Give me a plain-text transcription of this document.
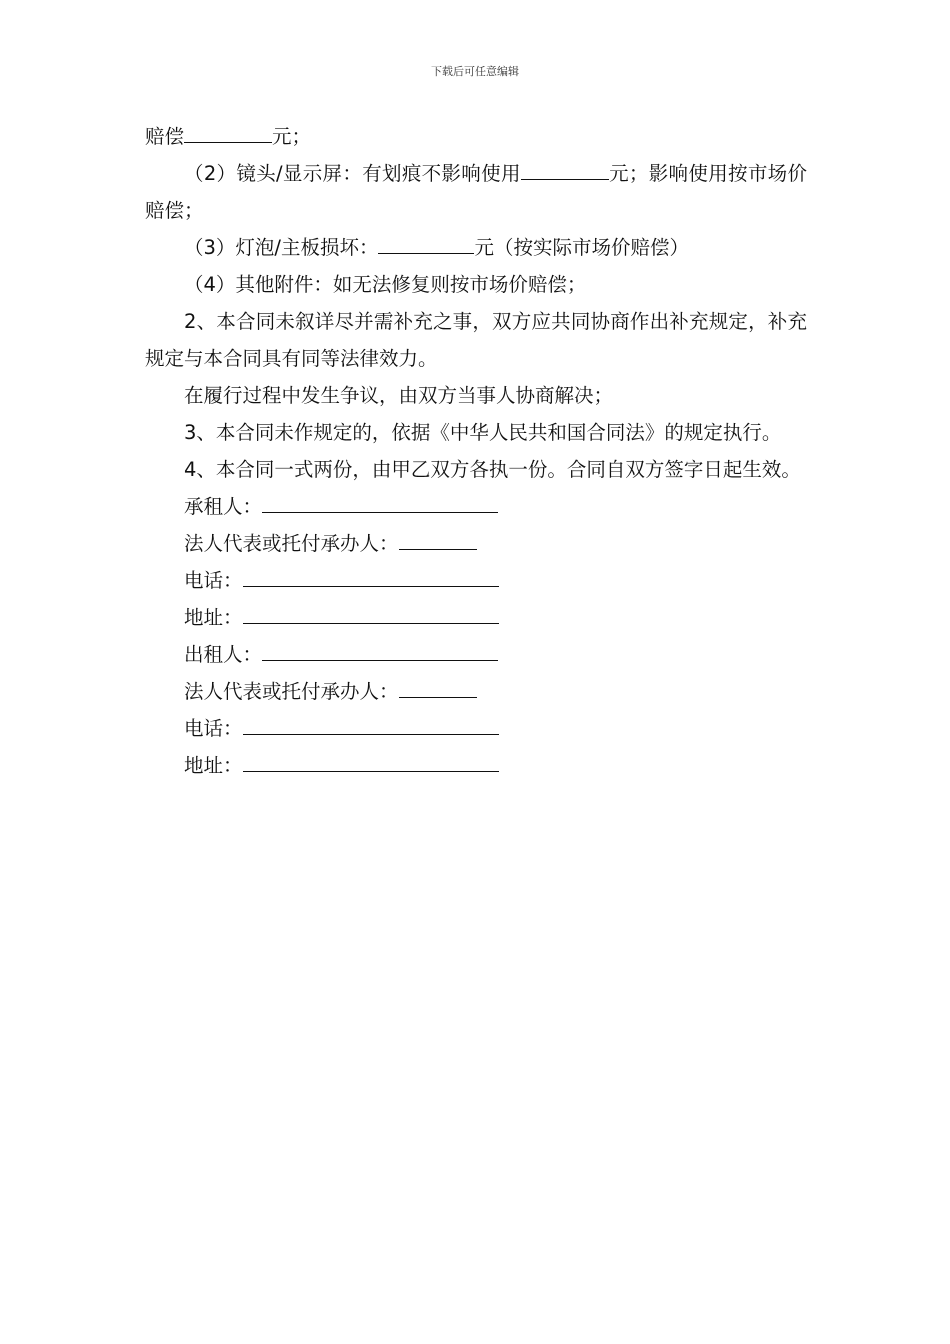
下载后可任意编辑

赔偿	元；

（2）镜头/显示屏：有划痕不影响使用	元；影响使用按市场价赔偿；

（3）灯泡/主板损坏：	元（按实际市场价赔偿）

（4）其他附件：如无法修复则按市场价赔偿；

2、本合同未叙详尽并需补充之事，双方应共同协商作出补充规定，补充规定与本合同具有同等法律效力。

在履行过程中发生争议，由双方当事人协商解决；

3、本合同未作规定的，依据《中华人民共和国合同法》的规定执行。

4、本合同一式两份，由甲乙双方各执一份。合同自双方签字日起生效。

承租人：

法人代表或托付承办人：

电话：

地址：

出租人：

法人代表或托付承办人：

电话：

地址：
